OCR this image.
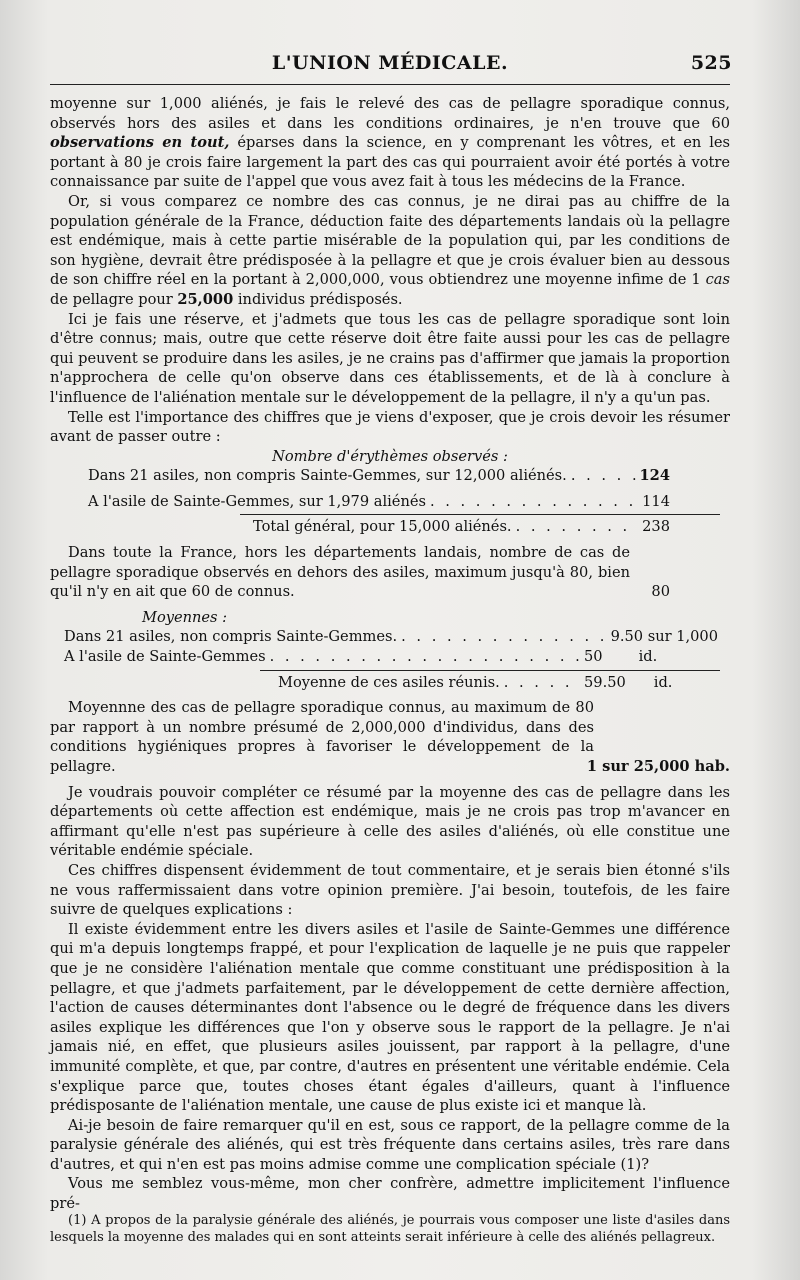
L'UNION MÉDICALE.	525

moyenne sur 1,000 aliénés, je fais le relevé des cas de pellagre sporadique connus, observés hors des asiles et dans les conditions ordinaires, je n'en trouve que 60 observations en tout, éparses dans la science, en y comprenant les vôtres, et en les portant à 80 je crois faire largement la part des cas qui pourraient avoir été portés à votre connaissance par suite de l'appel que vous avez fait à tous les médecins de la France.

Or, si vous comparez ce nombre des cas connus, je ne dirai pas au chiffre de la population générale de la France, déduction faite des départements landais où la pellagre est endémique, mais à cette partie misérable de la population qui, par les conditions de son hygiène, devrait être prédisposée à la pellagre et que je crois évaluer bien au dessous de son chiffre réel en la portant à 2,000,000, vous obtiendrez une moyenne infime de 1 cas de pellagre pour 25,000 individus prédisposés.

Ici je fais une réserve, et j'admets que tous les cas de pellagre sporadique sont loin d'être connus; mais, outre que cette réserve doit être faite aussi pour les cas de pellagre qui peuvent se produire dans les asiles, je ne crains pas d'affirmer que jamais la proportion n'approchera de celle qu'on observe dans ces établissements, et de là à conclure à l'influence de l'aliénation mentale sur le développement de la pellagre, il n'y a qu'un pas.

Telle est l'importance des chiffres que je viens d'exposer, que je crois devoir les résumer avant de passer outre :

Nombre d'érythèmes observés :

Dans 21 asiles, non compris Sainte-Gemmes, sur 12,000 aliénés. . . .	124
A l'asile de Sainte-Gemmes, sur 1,979 aliénés . . .	114
Total général, pour 15,000 aliénés. . . .	238

Dans toute la France, hors les départements landais, nombre de cas de pellagre sporadique observés en dehors des asiles, maximum jusqu'à 80, bien qu'il n'y en ait que 60 de connus.	80

Moyennes :

Dans 21 asiles, non compris Sainte-Gemmes. . . .	9.50 sur 1,000
A l'asile de Sainte-Gemmes . . .	50 id.
Moyenne de ces asiles réunis. . . .	59.50 id.

Moyennne des cas de pellagre sporadique connus, au maximum de 80 par rapport à un nombre présumé de 2,000,000 d'individus, dans des conditions hygiéniques propres à favoriser le développement de la pellagre.	1 sur 25,000 hab.

Je voudrais pouvoir compléter ce résumé par la moyenne des cas de pellagre dans les départements où cette affection est endémique, mais je ne crois pas trop m'avancer en affirmant qu'elle n'est pas supérieure à celle des asiles d'aliénés, où elle constitue une véritable endémie spéciale.

Ces chiffres dispensent évidemment de tout commentaire, et je serais bien étonné s'ils ne vous raffermissaient dans votre opinion première. J'ai besoin, toutefois, de les faire suivre de quelques explications :

Il existe évidemment entre les divers asiles et l'asile de Sainte-Gemmes une différence qui m'a depuis longtemps frappé, et pour l'explication de laquelle je ne puis que rappeler que je ne considère l'aliénation mentale que comme constituant une prédisposition à la pellagre, et que j'admets parfaitement, par le développement de cette dernière affection, l'action de causes déterminantes dont l'absence ou le degré de fréquence dans les divers asiles explique les différences que l'on y observe sous le rapport de la pellagre. Je n'ai jamais nié, en effet, que plusieurs asiles jouissent, par rapport à la pellagre, d'une immunité complète, et que, par contre, d'autres en présentent une véritable endémie. Cela s'explique parce que, toutes choses étant égales d'ailleurs, quant à l'influence prédisposante de l'aliénation mentale, une cause de plus existe ici et manque là.

Ai-je besoin de faire remarquer qu'il en est, sous ce rapport, de la pellagre comme de la paralysie générale des aliénés, qui est très fréquente dans certains asiles, très rare dans d'autres, et qui n'en est pas moins admise comme une complication spéciale (1)?

Vous me semblez vous-même, mon cher confrère, admettre implicitement l'influence pré-

(1) A propos de la paralysie générale des aliénés, je pourrais vous composer une liste d'asiles dans lesquels la moyenne des malades qui en sont atteints serait inférieure à celle des aliénés pellagreux.
